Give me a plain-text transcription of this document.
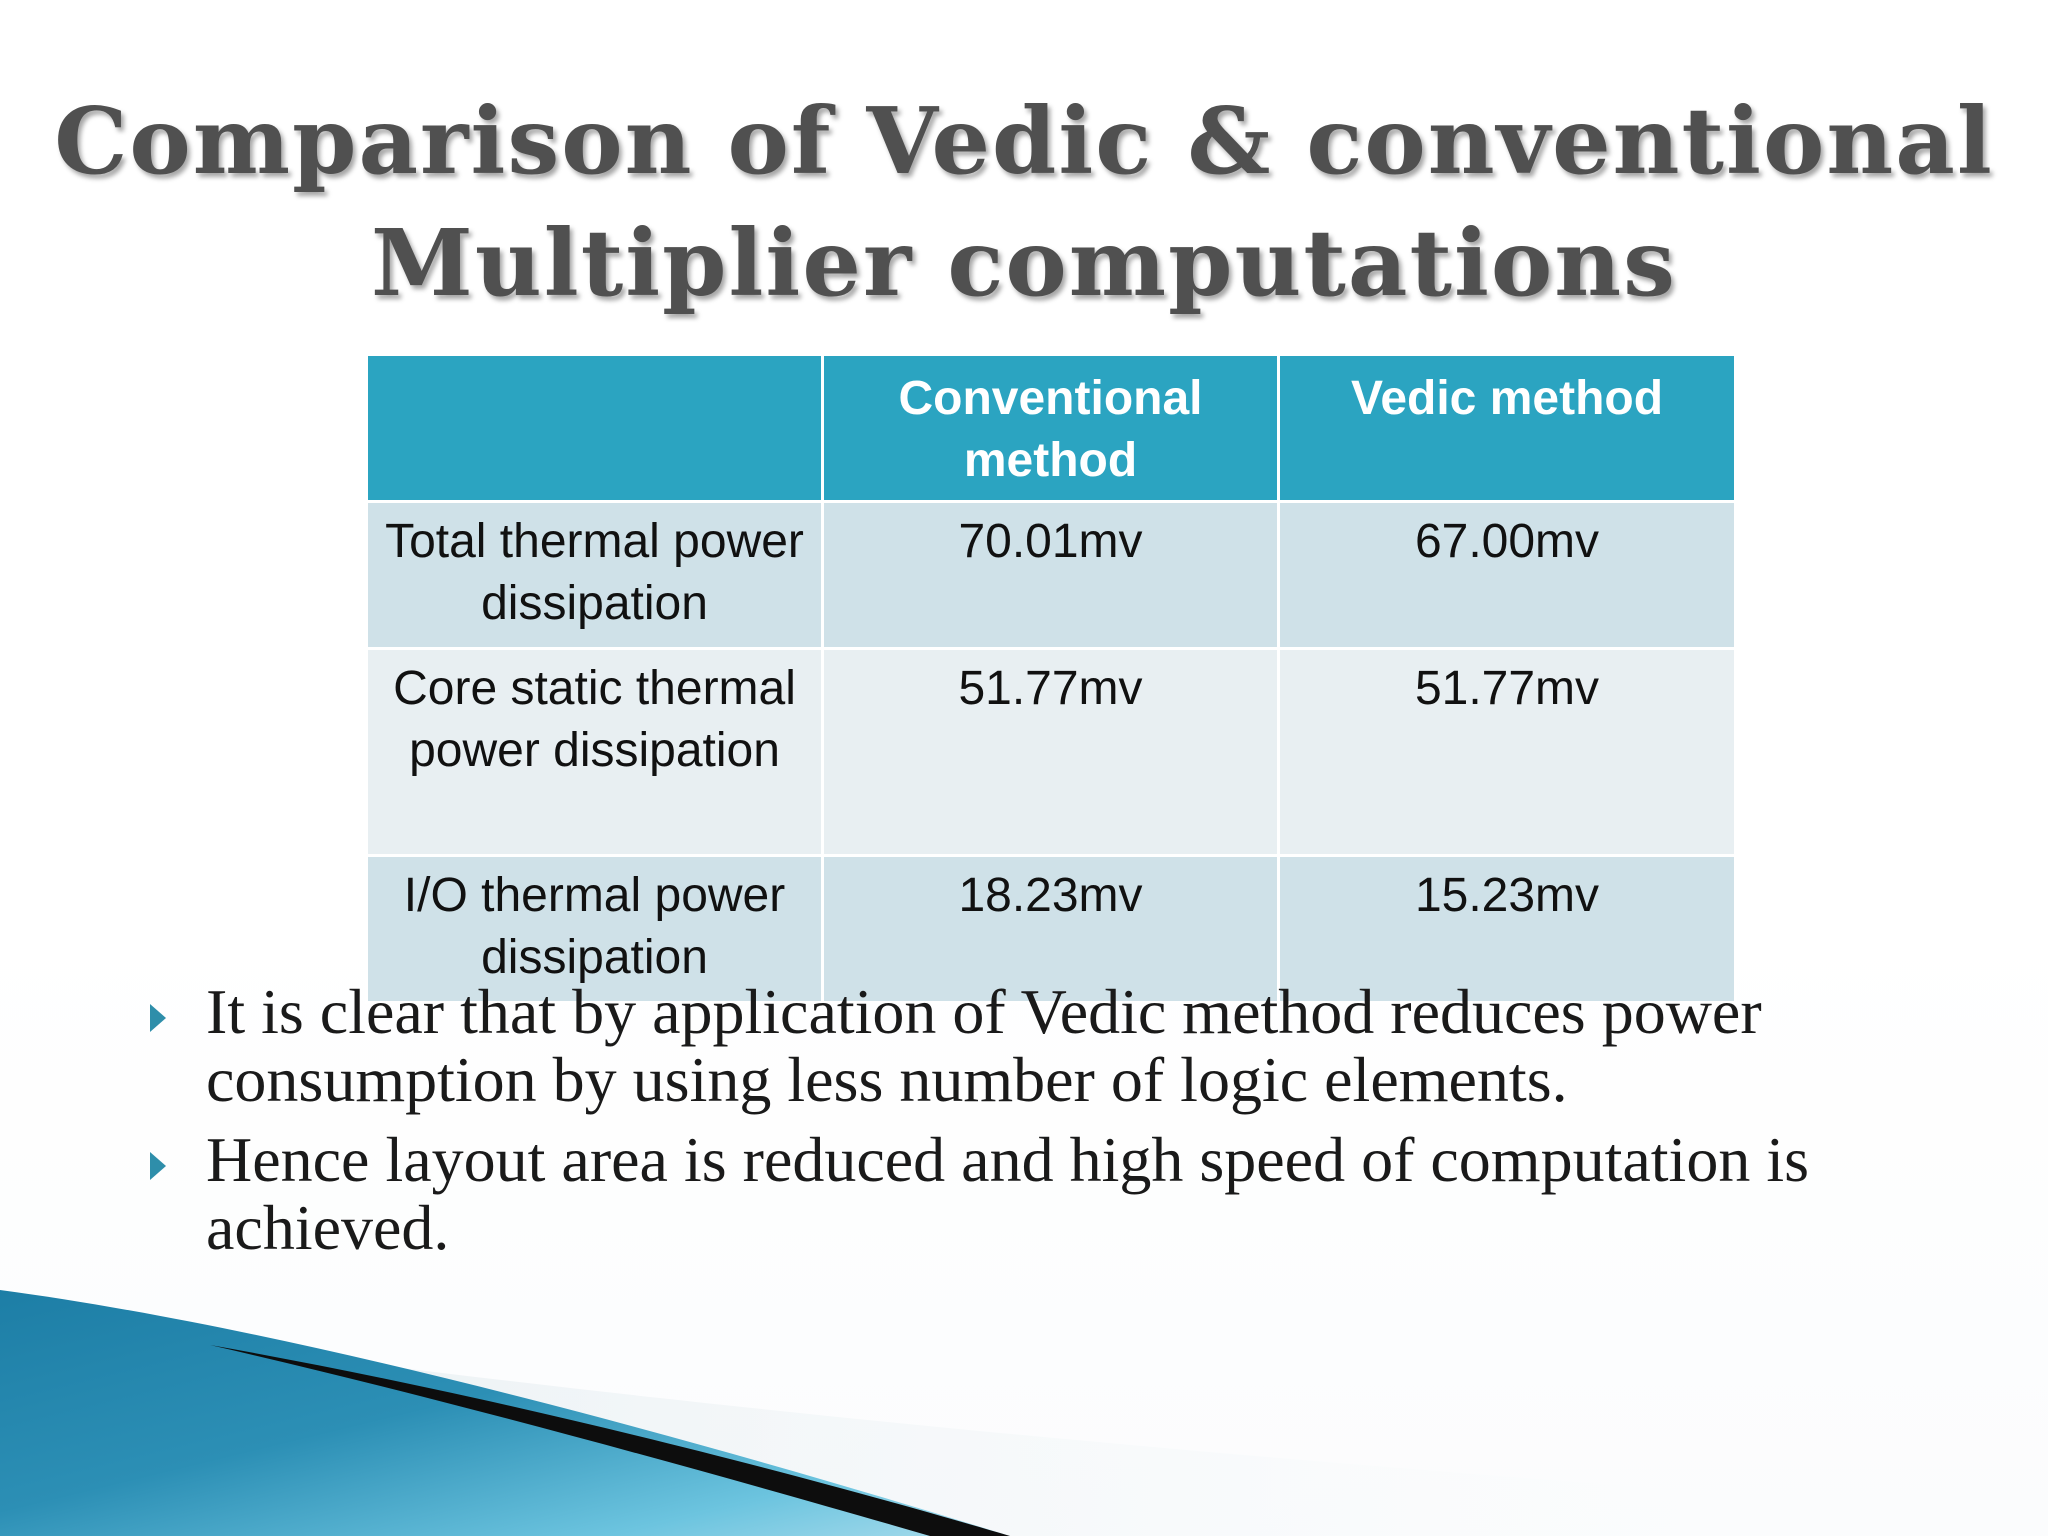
Comparison of Vedic & conventional
Multiplier computations
	Conventional method	Vedic method
Total thermal power dissipation	70.01mv	67.00mv
Core static thermal power dissipation	51.77mv	51.77mv
I/O thermal power dissipation	18.23mv	15.23mv
It is clear that by application of Vedic method reduces power consumption by using less number of logic elements.
Hence layout area is reduced and high speed of computation is achieved.
